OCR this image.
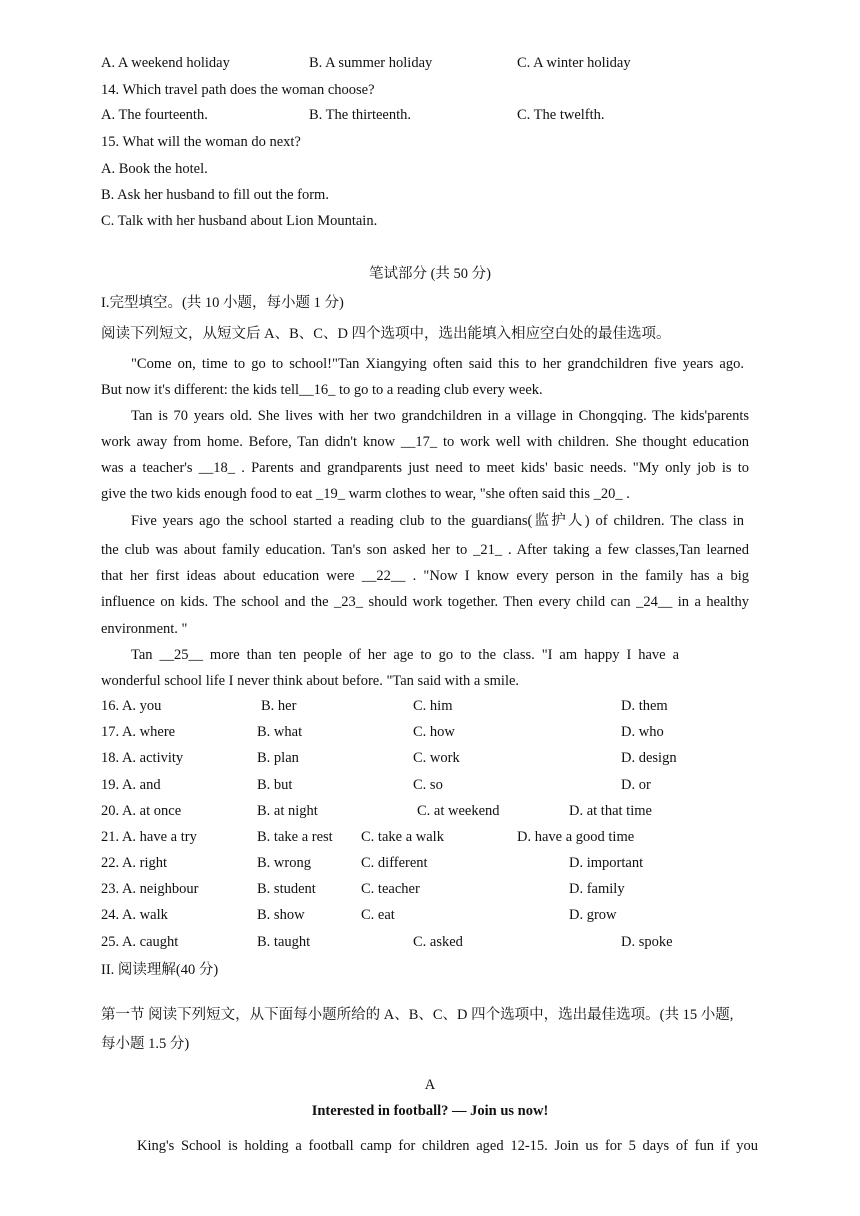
A. A weekend holiday	B. A summer holiday	C. A winter holiday
14. Which travel path does the woman choose?
A. The fourteenth.	B. The thirteenth.	C. The twelfth.
15. What will the woman do next?
A. Book the hotel.
B. Ask her husband to fill out the form.
C. Talk with her husband about Lion Mountain.
笔试部分 (共 50 分)
I.完型填空。(共 10 小题，每小题 1 分)
阅读下列短文，从短文后 A、B、C、D 四个选项中，选出能填入相应空白处的最佳选项。
"Come on, time to go to school!"Tan Xiangying often said this to her grandchildren five years ago.
But now it's different: the kids tell__16_ to go to a reading club every week.
Tan is 70 years old. She lives with her two grandchildren in a village in Chongqing. The kids'parents
work away from home. Before, Tan didn't know __17_ to work well with children. She thought education
was a teacher's __18_ . Parents and grandparents just need to meet kids' basic needs. "My only job is to
give the two kids enough food to eat _19_ warm clothes to wear, "she often said this _20_ .
Five years ago the school started a reading club to the guardians(监护人) of children. The class in
the club was about family education. Tan's son asked her to _21_ . After taking a few classes,Tan learned
that her first ideas about education were __22__ . "Now I know every person in the family has a big
influence on kids. The school and the _23_ should work together. Then every child can _24__ in a healthy
environment. "
Tan __25__ more than ten people of her age to go to the class. "I am happy I have a
wonderful school life I never think about before. "Tan said with a smile.
16. A. you	B. her	C. him	D. them
17. A. where	B. what	C. how	D. who
18. A. activity	B. plan	C. work	D. design
19. A. and	B. but	C. so	D. or
20. A. at once	B. at night	C. at weekend	D. at that time
21. A. have a try	B. take a rest C. take a walk	D. have a good time
22. A. right	B. wrong	C. different	D. important
23. A. neighbour	B. student	C. teacher	D. family
24. A. walk	B. show	C. eat	D. grow
25. A. caught	B. taught	C. asked	D. spoke
II. 阅读理解(40 分)
第一节 阅读下列短文，从下面每小题所给的 A、B、C、D 四个选项中，选出最佳选项。(共 15 小题,
每小题 1.5 分)
A
Interested in football? — Join us now!
King's School is holding a football camp for children aged 12-15. Join us for 5 days of fun if you
